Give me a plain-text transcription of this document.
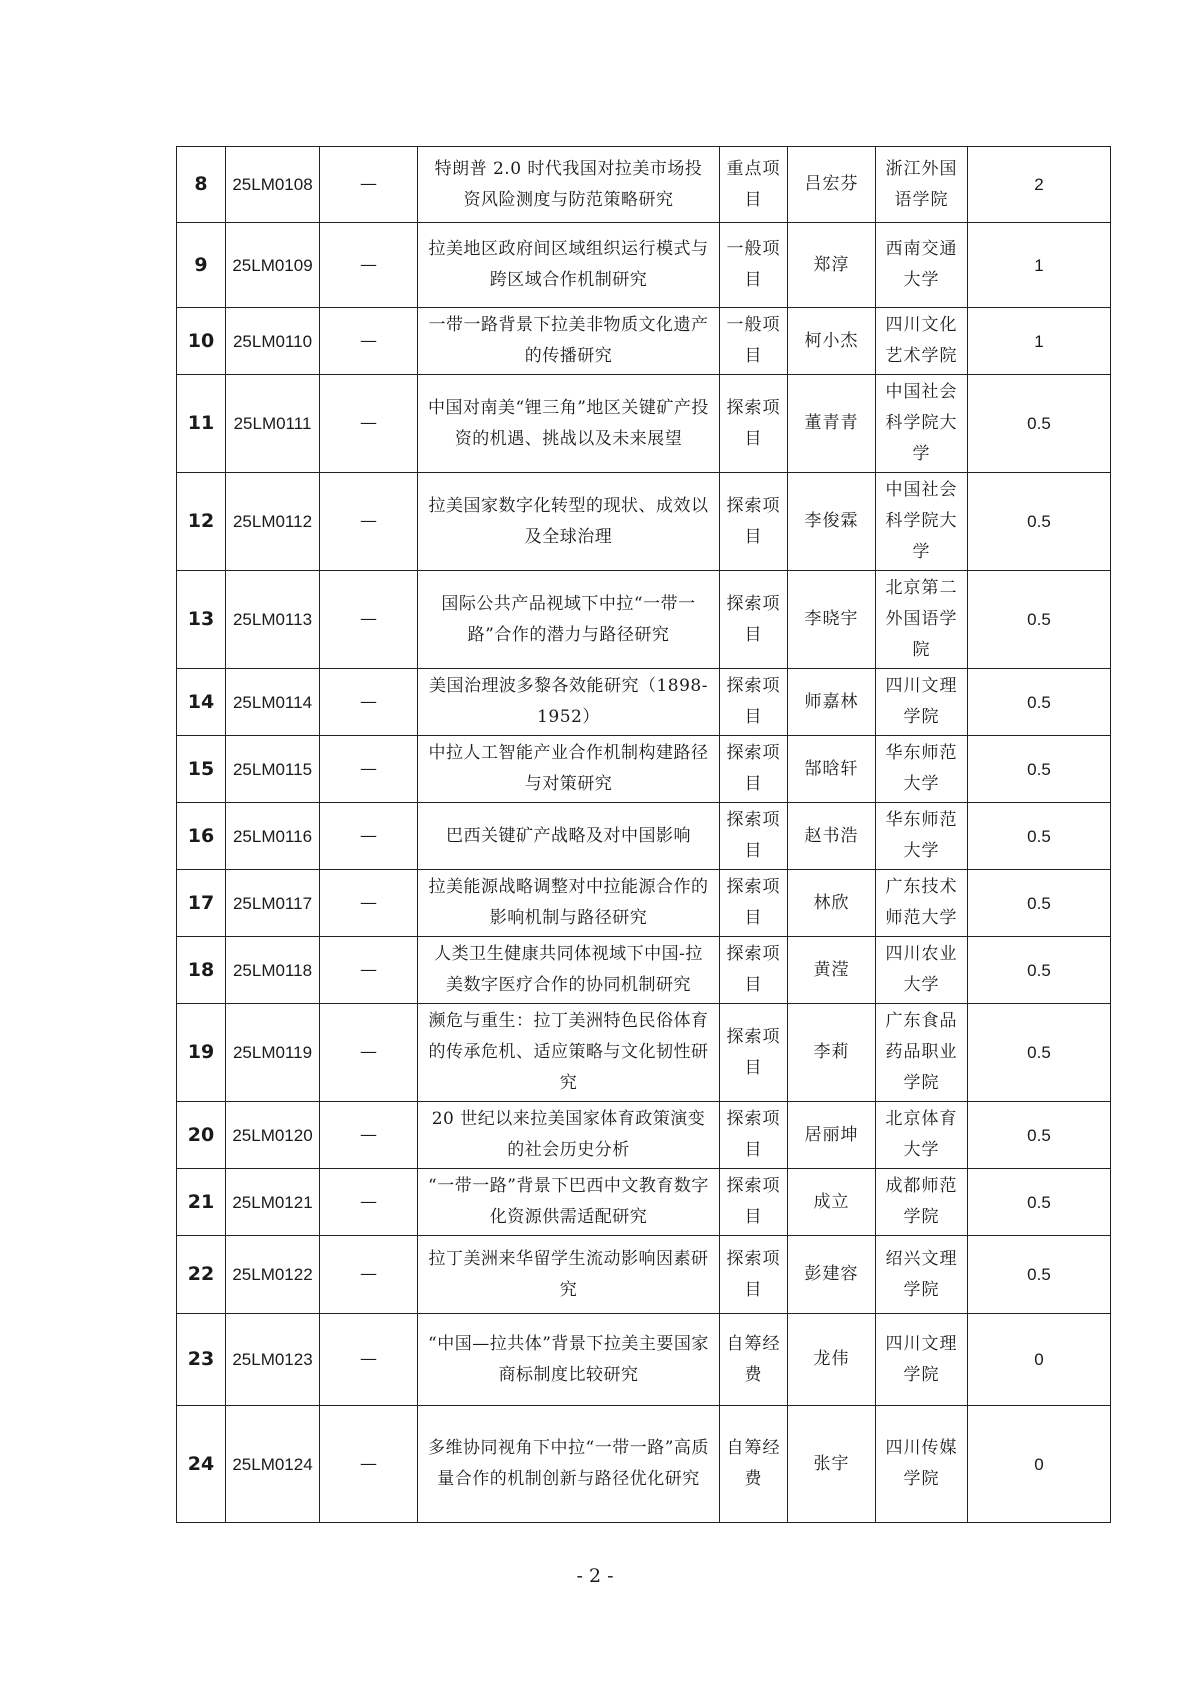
8	25LM0108	—	特朗普 2.0 时代我国对拉美市场投资风险测度与防范策略研究	重点项目	吕宏芬	浙江外国语学院	2
9	25LM0109	—	拉美地区政府间区域组织运行模式与跨区域合作机制研究	一般项目	郑淳	西南交通大学	1
10	25LM0110	—	一带一路背景下拉美非物质文化遗产的传播研究	一般项目	柯小杰	四川文化艺术学院	1
11	25LM0111	—	中国对南美“锂三角”地区关键矿产投资的机遇、挑战以及未来展望	探索项目	董青青	中国社会科学院大学	0.5
12	25LM0112	—	拉美国家数字化转型的现状、成效以及全球治理	探索项目	李俊霖	中国社会科学院大学	0.5
13	25LM0113	—	国际公共产品视域下中拉“一带一路”合作的潜力与路径研究	探索项目	李晓宇	北京第二外国语学院	0.5
14	25LM0114	—	美国治理波多黎各效能研究（1898-1952）	探索项目	师嘉林	四川文理学院	0.5
15	25LM0115	—	中拉人工智能产业合作机制构建路径与对策研究	探索项目	郜晗轩	华东师范大学	0.5
16	25LM0116	—	巴西关键矿产战略及对中国影响	探索项目	赵书浩	华东师范大学	0.5
17	25LM0117	—	拉美能源战略调整对中拉能源合作的影响机制与路径研究	探索项目	林欣	广东技术师范大学	0.5
18	25LM0118	—	人类卫生健康共同体视域下中国-拉美数字医疗合作的协同机制研究	探索项目	黄滢	四川农业大学	0.5
19	25LM0119	—	濒危与重生：拉丁美洲特色民俗体育的传承危机、适应策略与文化韧性研究	探索项目	李莉	广东食品药品职业学院	0.5
20	25LM0120	—	20 世纪以来拉美国家体育政策演变的社会历史分析	探索项目	居丽坤	北京体育大学	0.5
21	25LM0121	—	“一带一路”背景下巴西中文教育数字化资源供需适配研究	探索项目	成立	成都师范学院	0.5
22	25LM0122	—	拉丁美洲来华留学生流动影响因素研究	探索项目	彭建容	绍兴文理学院	0.5
23	25LM0123	—	“中国—拉共体”背景下拉美主要国家商标制度比较研究	自筹经费	龙伟	四川文理学院	0
24	25LM0124	—	多维协同视角下中拉“一带一路”高质量合作的机制创新与路径优化研究	自筹经费	张宇	四川传媒学院	0
- 2 -
